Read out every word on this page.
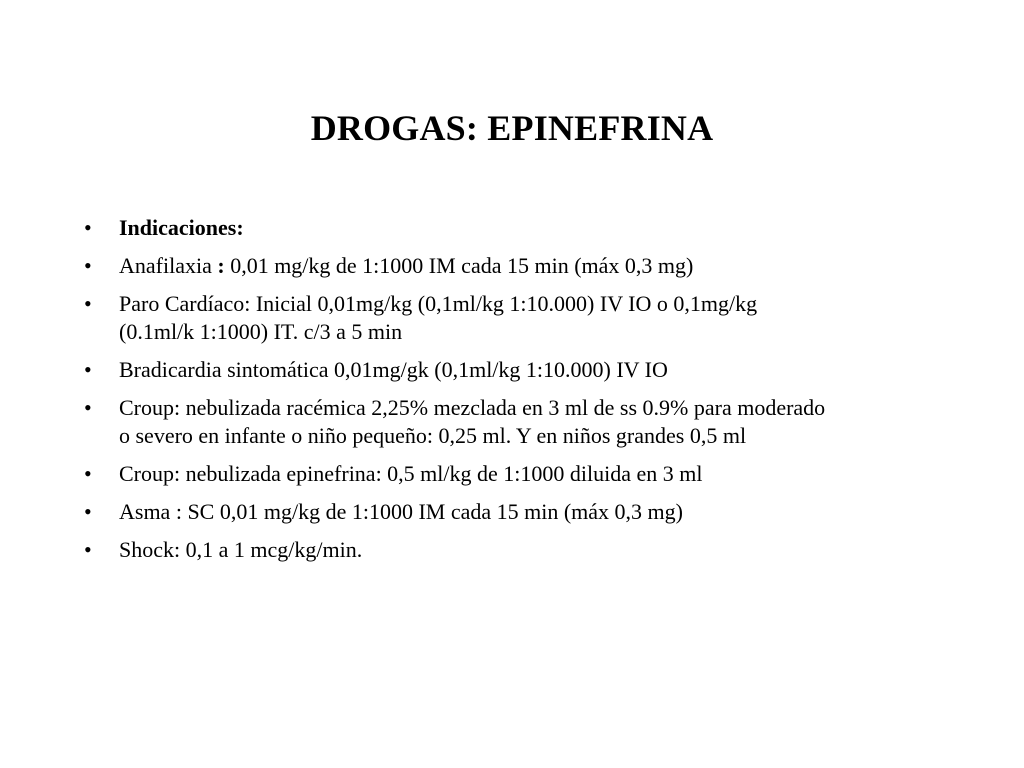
DROGAS: EPINEFRINA
•	Indicaciones:
•	Anafilaxia : 0,01 mg/kg de 1:1000 IM cada 15 min (máx 0,3 mg)
•	Paro Cardíaco: Inicial 0,01mg/kg (0,1ml/kg 1:10.000) IV IO o 0,1mg/kg
(0.1ml/k 1:1000) IT. c/3 a 5 min
•	Bradicardia sintomática 0,01mg/gk (0,1ml/kg 1:10.000) IV IO
•	Croup: nebulizada racémica 2,25% mezclada en 3 ml de ss 0.9% para moderado
o severo en infante o niño pequeño: 0,25 ml. Y en niños grandes 0,5 ml
•	Croup: nebulizada epinefrina: 0,5 ml/kg de 1:1000 diluida en 3 ml
•	Asma : SC 0,01 mg/kg de 1:1000 IM cada 15 min (máx 0,3 mg)
•	Shock: 0,1 a 1 mcg/kg/min.
